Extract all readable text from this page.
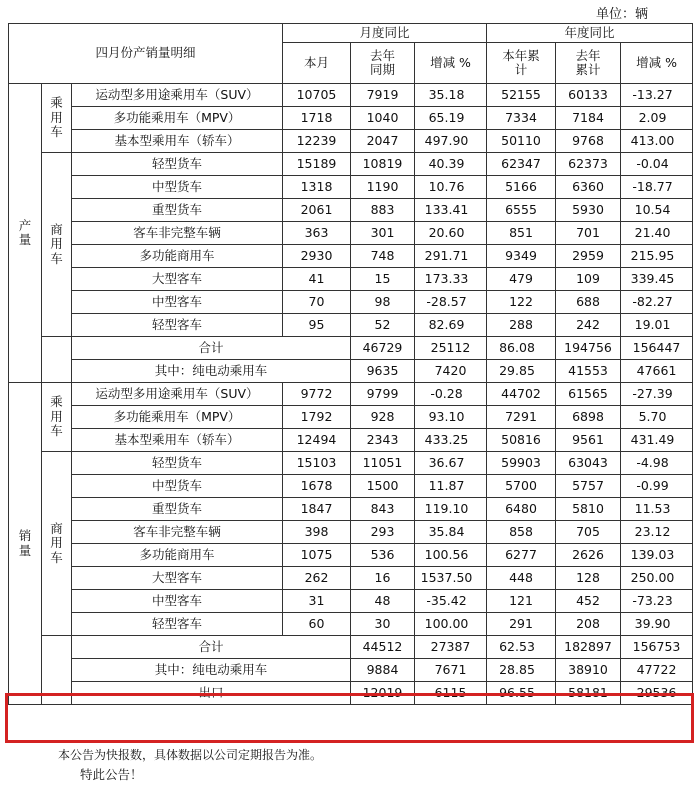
单位：辆
四月份产销量明细			月度同比			年度同比			
			本月	去年同期	增减 %	本年累计	去年累计	增减 %	

产
量	乘
用
车	运动型多用途乘用车（SUV）	10705	7919	35.18	52155	60133	-13.27	
		多功能乘用车（MPV）	1718	1040	65.19	7334	7184	2.09	
		基本型乘用车（轿车）	12239	2047	497.90	50110	9768	413.00	

	商
用
车	轻型货车	15189	10819	40.39	62347	62373	-0.04	
		中型货车	1318	1190	10.76	5166	6360	-18.77	
		重型货车	2061	883	133.41	6555	5930	10.54	
		客车非完整车辆	363	301	20.60	851	701	21.40	
		多功能商用车	2930	748	291.71	9349	2959	215.95	
		大型客车	41	15	173.33	479	109	339.45	
		中型客车	70	98	-28.57	122	688	-82.27	
		轻型客车	95	52	82.69	288	242	19.01	
		合计		46729	25112	86.08	194756	156447	
		其中：纯电动乘用车		9635	7420	29.85	41553	47661	

销
量	乘
用
车	运动型多用途乘用车（SUV）	9772	9799	-0.28	44702	61565	-27.39	
		多功能乘用车（MPV）	1792	928	93.10	7291	6898	5.70	
		基本型乘用车（轿车）	12494	2343	433.25	50816	9561	431.49	

	商
用
车	轻型货车	15103	11051	36.67	59903	63043	-4.98	
		中型货车	1678	1500	11.87	5700	5757	-0.99	
		重型货车	1847	843	119.10	6480	5810	11.53	
		客车非完整车辆	398	293	35.84	858	705	23.12	
		多功能商用车	1075	536	100.56	6277	2626	139.03	
		大型客车	262	16	1537.50	448	128	250.00	
		中型客车	31	48	-35.42	121	452	-73.23	
		轻型客车	60	30	100.00	291	208	39.90	
		合计		44512	27387	62.53	182897	156753	
		其中：纯电动乘用车		9884	7671	28.85	38910	47722	
		出口		12019	6115	96.55	58181	29536	
本公告为快报数，具体数据以公司定期报告为准。
特此公告！
